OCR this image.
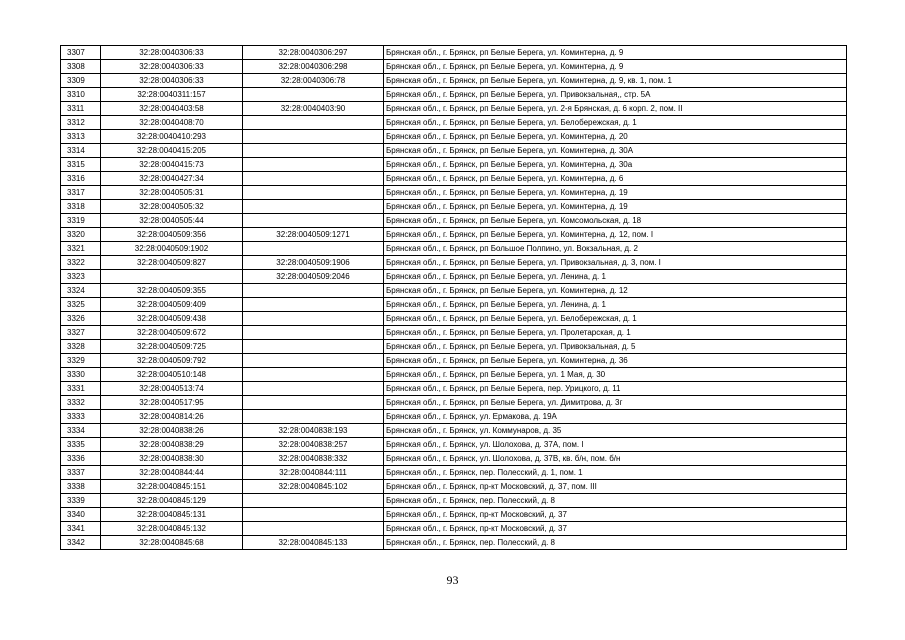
3307	32:28:0040306:33	32:28:0040306:297	Брянская обл., г. Брянск, рп Белые Берега, ул. Коминтерна, д. 9
3308	32:28:0040306:33	32:28:0040306:298	Брянская обл., г. Брянск, рп Белые Берега, ул. Коминтерна, д. 9
3309	32:28:0040306:33	32:28:0040306:78	Брянская обл., г. Брянск, рп Белые Берега, ул. Коминтерна, д. 9, кв. 1, пом. 1
3310	32:28:0040311:157		Брянская обл., г. Брянск, рп Белые Берега, ул. Привокзальная,, стр. 5А
3311	32:28:0040403:58	32:28:0040403:90	Брянская обл., г. Брянск, рп Белые Берега, ул. 2-я Брянская, д. 6 корп. 2, пом. II
3312	32:28:0040408:70		Брянская обл., г. Брянск, рп Белые Берега, ул. Белобережская, д. 1
3313	32:28:0040410:293		Брянская обл., г. Брянск, рп Белые Берега, ул. Коминтерна, д. 20
3314	32:28:0040415:205		Брянская обл., г. Брянск, рп Белые Берега, ул. Коминтерна, д. 30А
3315	32:28:0040415:73		Брянская обл., г. Брянск, рп Белые Берега, ул. Коминтерна, д. 30а
3316	32:28:0040427:34		Брянская обл., г. Брянск, рп Белые Берега, ул. Коминтерна, д. 6
3317	32:28:0040505:31		Брянская обл., г. Брянск, рп Белые Берега, ул. Коминтерна, д. 19
3318	32:28:0040505:32		Брянская обл., г. Брянск, рп Белые Берега, ул. Коминтерна, д. 19
3319	32:28:0040505:44		Брянская обл., г. Брянск, рп Белые Берега, ул. Комсомольская, д. 18
3320	32:28:0040509:356	32:28:0040509:1271	Брянская обл., г. Брянск, рп Белые Берега, ул. Коминтерна, д. 12, пом. I
3321	32:28:0040509:1902		Брянская обл., г. Брянск, рп Большое Полпино, ул. Вокзальная, д. 2
3322	32:28:0040509:827	32:28:0040509:1906	Брянская обл., г. Брянск, рп Белые Берега, ул. Привокзальная, д. 3, пом. I
3323		32:28:0040509:2046	Брянская обл., г. Брянск, рп Белые Берега, ул. Ленина, д. 1
3324	32:28:0040509:355		Брянская обл., г. Брянск, рп Белые Берега, ул. Коминтерна, д. 12
3325	32:28:0040509:409		Брянская обл., г. Брянск, рп Белые Берега, ул. Ленина, д. 1
3326	32:28:0040509:438		Брянская обл., г. Брянск, рп Белые Берега, ул. Белобережская, д. 1
3327	32:28:0040509:672		Брянская обл., г. Брянск, рп Белые Берега, ул. Пролетарская, д. 1
3328	32:28:0040509:725		Брянская обл., г. Брянск, рп Белые Берега, ул. Привокзальная, д. 5
3329	32:28:0040509:792		Брянская обл., г. Брянск, рп Белые Берега, ул. Коминтерна, д. 36
3330	32:28:0040510:148		Брянская обл., г. Брянск, рп Белые Берега, ул. 1 Мая, д. 30
3331	32:28:0040513:74		Брянская обл., г. Брянск, рп Белые Берега, пер. Урицкого, д. 11
3332	32:28:0040517:95		Брянская обл., г. Брянск, рп Белые Берега, ул. Димитрова, д. 3г
3333	32:28:0040814:26		Брянская обл., г. Брянск, ул. Ермакова, д. 19А
3334	32:28:0040838:26	32:28:0040838:193	Брянская обл., г. Брянск, ул. Коммунаров, д. 35
3335	32:28:0040838:29	32:28:0040838:257	Брянская обл., г. Брянск, ул. Шолохова, д. 37А, пом. I
3336	32:28:0040838:30	32:28:0040838:332	Брянская обл., г. Брянск, ул. Шолохова, д. 37В, кв. б/н, пом. б/н
3337	32:28:0040844:44	32:28:0040844:111	Брянская обл., г. Брянск, пер. Полесский, д. 1, пом. 1
3338	32:28:0040845:151	32:28:0040845:102	Брянская обл., г. Брянск, пр-кт Московский, д. 37, пом. III
3339	32:28:0040845:129		Брянская обл., г. Брянск, пер. Полесский, д. 8
3340	32:28:0040845:131		Брянская обл., г. Брянск, пр-кт Московский, д. 37
3341	32:28:0040845:132		Брянская обл., г. Брянск, пр-кт Московский, д. 37
3342	32:28:0040845:68	32:28:0040845:133	Брянская обл., г. Брянск, пер. Полесский, д. 8
93
